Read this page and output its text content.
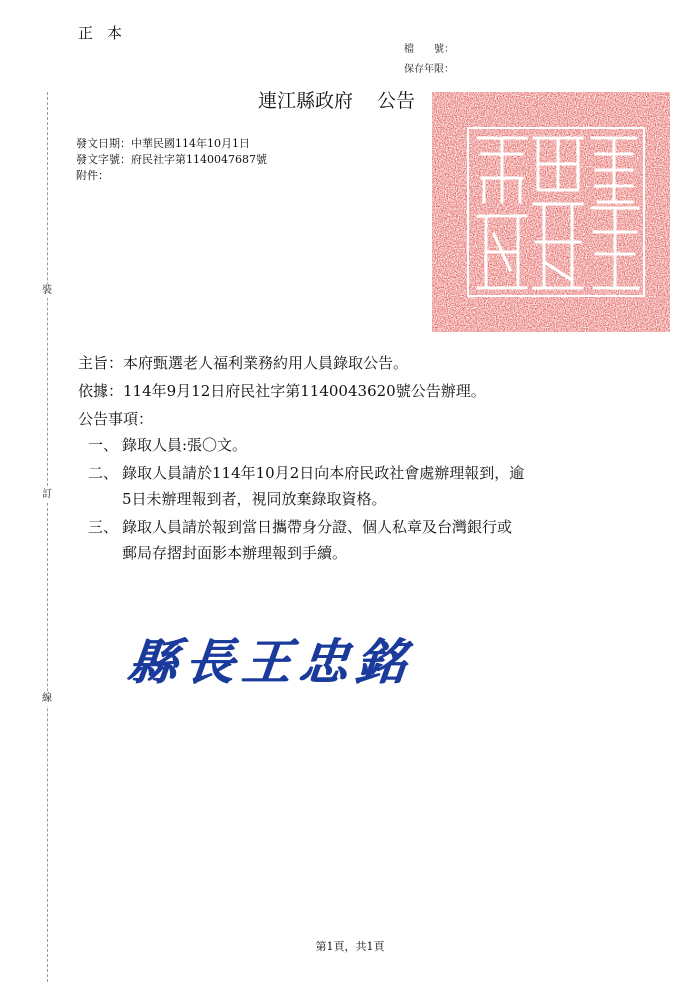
正本
檔　　號：
保存年限：
裝
訂
線
連江縣政府 公告
發文日期：中華民國114年10月1日
發文字號：府民社字第1140047687號
附件：
主旨：本府甄選老人福利業務約用人員錄取公告。
依據：114年9月12日府民社字第1140043620號公告辦理。
公告事項：
一、 錄取人員:張〇文。
二、 錄取人員請於114年10月2日向本府民政社會處辦理報到，逾
5日未辦理報到者，視同放棄錄取資格。
三、 錄取人員請於報到當日攜帶身分證、個人私章及台灣銀行或
郵局存摺封面影本辦理報到手續。
縣長王忠銘
第1頁，共1頁
